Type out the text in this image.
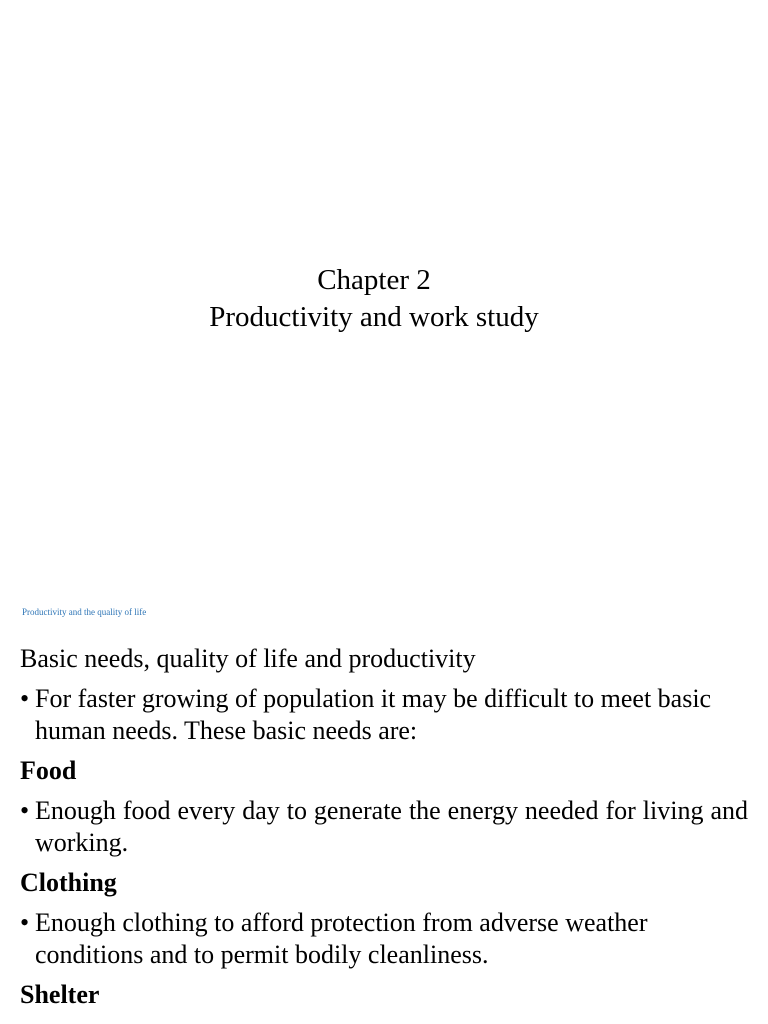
Chapter 2
Productivity and work study
Productivity and the quality of life
Basic needs, quality of life and productivity
• For faster growing of population it may be difficult to meet basic human needs. These basic needs are:
Food
• Enough food every day to generate the energy needed for living and working.
Clothing
• Enough clothing to afford protection from adverse weather conditions and to permit bodily cleanliness.
Shelter
